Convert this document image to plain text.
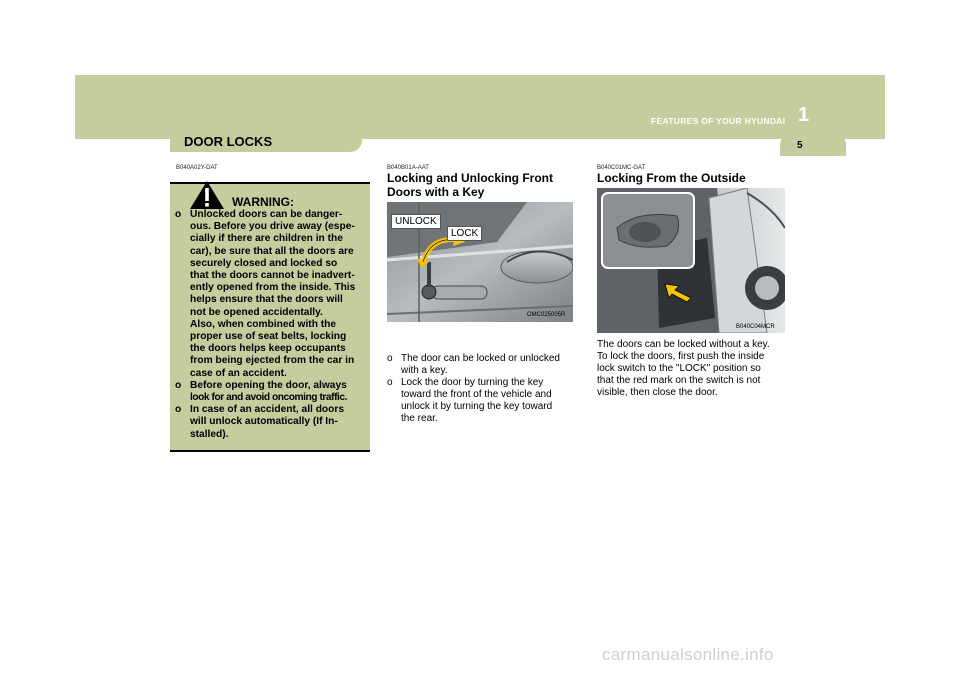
FEATURES OF YOUR HYUNDAI 1
5
DOOR LOCKS
B040A02Y-DAT
WARNING:
o Unlocked doors can be danger-
ous. Before you drive away (espe-
cially if there are children in the
car), be sure that all the doors are
securely closed and locked so
that the doors cannot be inadvert-
ently opened from the inside. This
helps ensure that the doors will
not be opened accidentally.
Also, when combined with the
proper use of seat belts, locking
the doors helps keep occupants
from being ejected from the car in
case of an accident.
o Before opening the door, always
look for and avoid oncoming traffic.
o In case of an accident, all doors
will unlock automatically (If In-
stalled).
B040B01A-AAT
Locking and Unlocking Front
Doors with a Key
UNLOCK
LOCK
OMC025005R
o The door can be locked or unlocked
with a key.
o Lock the door by turning the key
toward the front of the vehicle and
unlock it by turning the key toward
the rear.
B040C01MC-GAT
Locking From the Outside
B040C04MCR
The doors can be locked without a key.
To lock the doors, first push the inside
lock switch to the "LOCK" position so
that the red mark on the switch is not
visible, then close the door.
carmanualsonline.info
